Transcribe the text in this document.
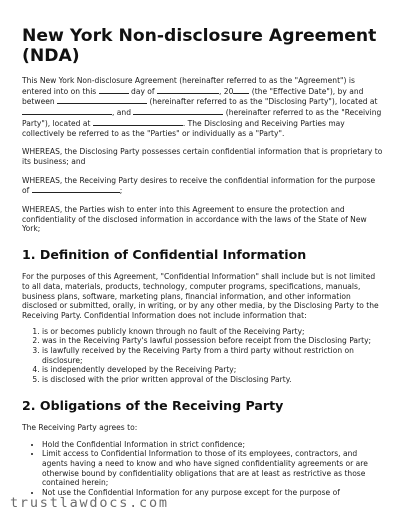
New York Non-disclosure Agreement (NDA)

This New York Non-disclosure Agreement (hereinafter referred to as the "Agreement") is entered into on this	day of	, 20 (the "Effective Date"), by and between	(hereinafter referred to as the "Disclosing Party"), located at , and	(hereinafter referred to as the "Receiving Party"), located at	. The Disclosing and Receiving Parties may collectively be referred to as the "Parties" or individually as a "Party".

WHEREAS, the Disclosing Party possesses certain confidential information that is proprietary to its business; and

WHEREAS, the Receiving Party desires to receive the confidential information for the purpose of	;

WHEREAS, the Parties wish to enter into this Agreement to ensure the protection and confidentiality of the disclosed information in accordance with the laws of the State of New York;

1. Definition of Confidential Information

For the purposes of this Agreement, "Confidential Information" shall include but is not limited to all data, materials, products, technology, computer programs, specifications, manuals, business plans, software, marketing plans, financial information, and other information disclosed or submitted, orally, in writing, or by any other media, by the Disclosing Party to the Receiving Party. Confidential Information does not include information that:

1. is or becomes publicly known through no fault of the Receiving Party;
2. was in the Receiving Party's lawful possession before receipt from the Disclosing Party;
3. is lawfully received by the Receiving Party from a third party without restriction on disclosure;
4. is independently developed by the Receiving Party;
5. is disclosed with the prior written approval of the Disclosing Party.
2. Obligations of the Receiving Party

The Receiving Party agrees to:

• Hold the Confidential Information in strict confidence;
• Limit access to Confidential Information to those of its employees, contractors, and agents having a need to know and who have signed confidentiality agreements or are otherwise bound by confidentiality obligations that are at least as restrictive as those contained herein;
• Not use the Confidential Information for any purpose except for the purpose of
trustlawdocs.com
